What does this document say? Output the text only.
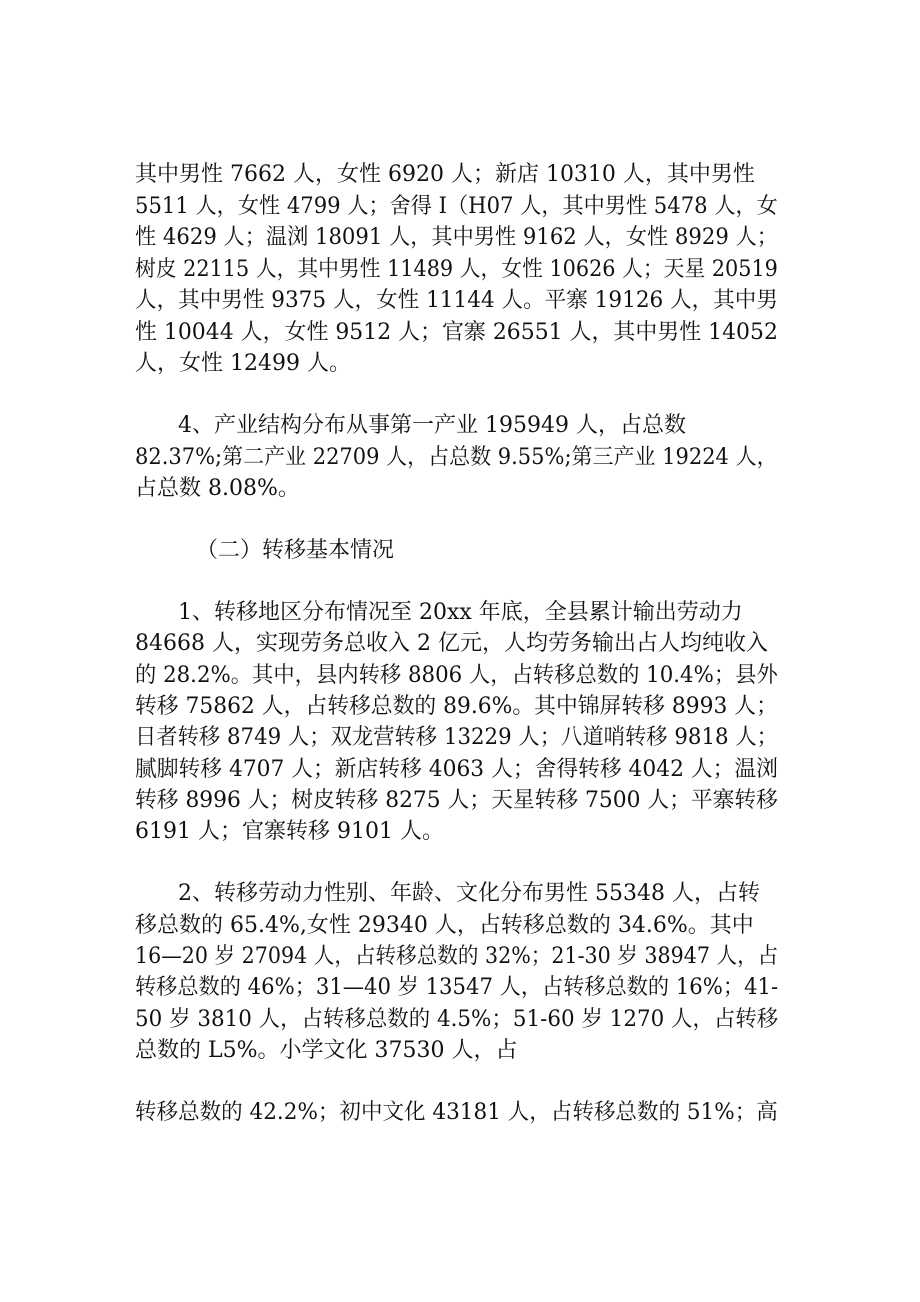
其中男性 7662 人，女性 6920 人；新店 10310 人，其中男性
5511 人，女性 4799 人；舍得 I（H07 人，其中男性 5478 人，女
性 4629 人；温浏 18091 人，其中男性 9162 人，女性 8929 人；
树皮 22115 人，其中男性 11489 人，女性 10626 人；天星 20519
人，其中男性 9375 人，女性 11144 人。平寨 19126 人，其中男
性 10044 人，女性 9512 人；官寨 26551 人，其中男性 14052
人，女性 12499 人。
4、产业结构分布从事第一产业 195949 人，占总数
82.37%;第二产业 22709 人，占总数 9.55%;第三产业 19224 人，
占总数 8.08%。
（二）转移基本情况
1、转移地区分布情况至 20xx 年底，全县累计输出劳动力
84668 人，实现劳务总收入 2 亿元，人均劳务输出占人均纯收入
的 28.2%。其中，县内转移 8806 人，占转移总数的 10.4%；县外
转移 75862 人，占转移总数的 89.6%。其中锦屏转移 8993 人；
日者转移 8749 人；双龙营转移 13229 人；八道哨转移 9818 人；
腻脚转移 4707 人；新店转移 4063 人；舍得转移 4042 人；温浏
转移 8996 人；树皮转移 8275 人；天星转移 7500 人；平寨转移
6191 人；官寨转移 9101 人。
2、转移劳动力性别、年龄、文化分布男性 55348 人，占转
移总数的 65.4%,女性 29340 人，占转移总数的 34.6%。其中
16—20 岁 27094 人，占转移总数的 32%；21-30 岁 38947 人，占
转移总数的 46%；31—40 岁 13547 人，占转移总数的 16%；41-
50 岁 3810 人，占转移总数的 4.5%；51-60 岁 1270 人，占转移
总数的 L5%。小学文化 37530 人，占
转移总数的 42.2%；初中文化 43181 人，占转移总数的 51%；高
